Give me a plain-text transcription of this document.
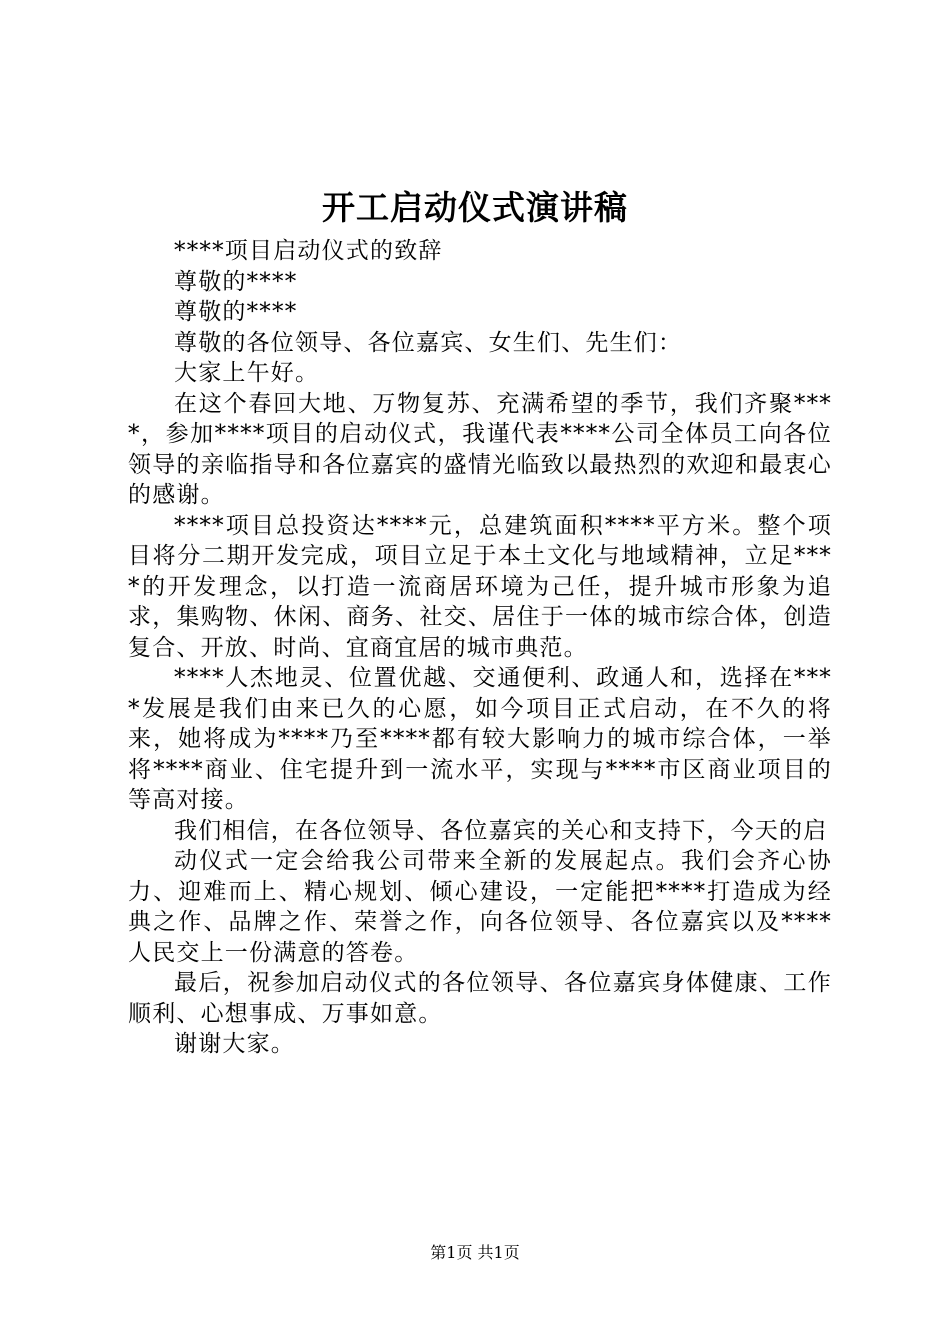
开工启动仪式演讲稿

****项目启动仪式的致辞

尊敬的****

尊敬的****

尊敬的各位领导、各位嘉宾、女生们、先生们：

大家上午好。

在这个春回大地、万物复苏、充满希望的季节，我们齐聚****，参加****项目的启动仪式，我谨代表****公司全体员工向各位领导的亲临指导和各位嘉宾的盛情光临致以最热烈的欢迎和最衷心的感谢。

****项目总投资达****元，总建筑面积****平方米。整个项目将分二期开发完成，项目立足于本土文化与地域精神，立足****的开发理念，以打造一流商居环境为己任，提升城市形象为追求，集购物、休闲、商务、社交、居住于一体的城市综合体，创造复合、开放、时尚、宜商宜居的城市典范。

****人杰地灵、位置优越、交通便利、政通人和，选择在****发展是我们由来已久的心愿，如今项目正式启动，在不久的将来，她将成为****乃至****都有较大影响力的城市综合体，一举将****商业、住宅提升到一流水平，实现与****市区商业项目的等高对接。

我们相信，在各位领导、各位嘉宾的关心和支持下，今天的启

动仪式一定会给我公司带来全新的发展起点。我们会齐心协力、迎难而上、精心规划、倾心建设，一定能把****打造成为经典之作、品牌之作、荣誉之作，向各位领导、各位嘉宾以及****人民交上一份满意的答卷。

最后，祝参加启动仪式的各位领导、各位嘉宾身体健康、工作顺利、心想事成、万事如意。

谢谢大家。

第1页 共1页
